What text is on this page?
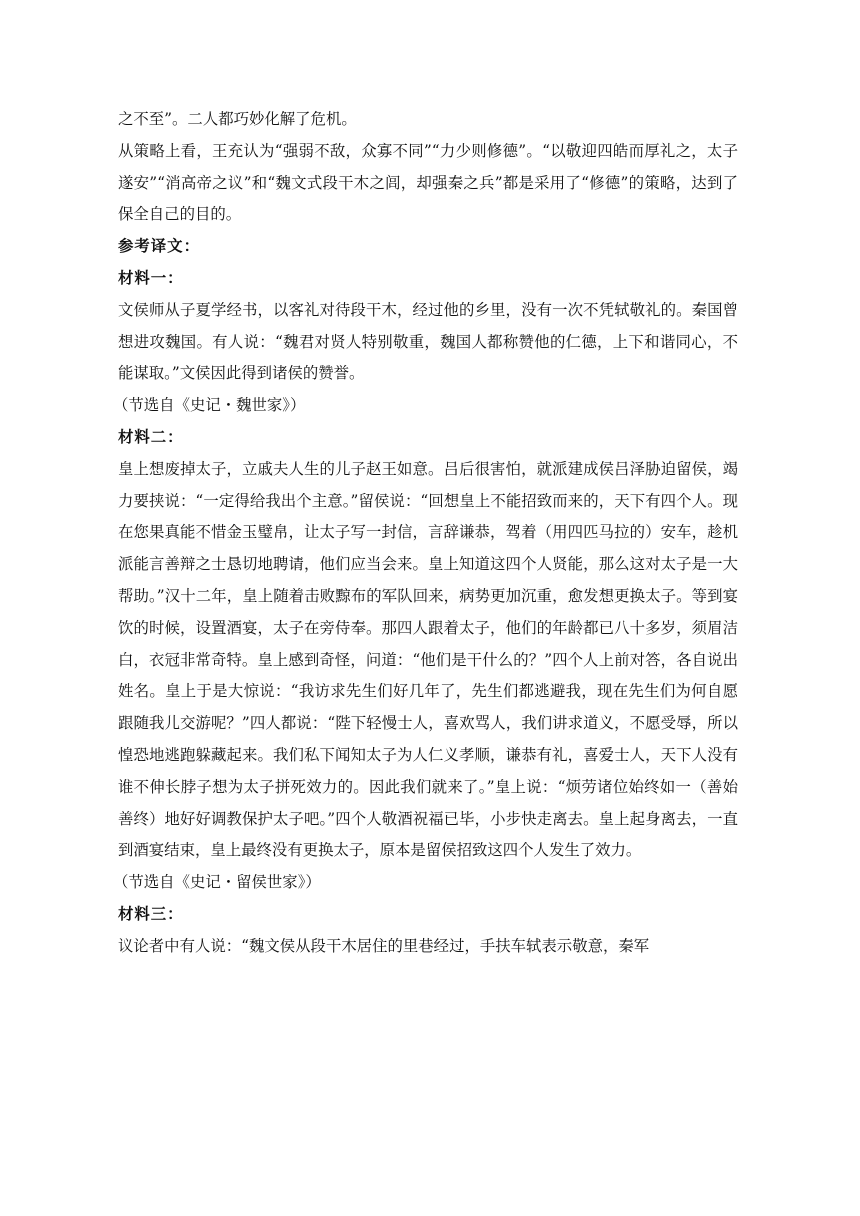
之不至”。二人都巧妙化解了危机。

从策略上看，王充认为“强弱不敌，众寡不同”“力少则修德”。“以敬迎四皓而厚礼之，太子遂安”“消高帝之议”和“魏文式段干木之闾，却强秦之兵”都是采用了“修德”的策略，达到了保全自己的目的。

参考译文：

材料一：

文侯师从子夏学经书，以客礼对待段干木，经过他的乡里，没有一次不凭轼敬礼的。秦国曾想进攻魏国。有人说：“魏君对贤人特别敬重，魏国人都称赞他的仁德，上下和谐同心，不能谋取。”文侯因此得到诸侯的赞誉。

（节选自《史记・魏世家》）

材料二：

皇上想废掉太子，立戚夫人生的儿子赵王如意。吕后很害怕，就派建成侯吕泽胁迫留侯，竭力要挟说：“一定得给我出个主意。”留侯说：“回想皇上不能招致而来的，天下有四个人。现在您果真能不惜金玉璧帛，让太子写一封信，言辞谦恭，驾着（用四匹马拉的）安车，趁机派能言善辩之士恳切地聘请，他们应当会来。皇上知道这四个人贤能，那么这对太子是一大帮助。”汉十二年，皇上随着击败黥布的军队回来，病势更加沉重，愈发想更换太子。等到宴饮的时候，设置酒宴，太子在旁侍奉。那四人跟着太子，他们的年龄都已八十多岁，须眉洁白，衣冠非常奇特。皇上感到奇怪，问道：“他们是干什么的？”四个人上前对答，各自说出姓名。皇上于是大惊说：“我访求先生们好几年了，先生们都逃避我，现在先生们为何自愿跟随我儿交游呢？”四人都说：“陛下轻慢士人，喜欢骂人，我们讲求道义，不愿受辱，所以惶恐地逃跑躲藏起来。我们私下闻知太子为人仁义孝顺，谦恭有礼，喜爱士人，天下人没有谁不伸长脖子想为太子拼死效力的。因此我们就来了。”皇上说：“烦劳诸位始终如一（善始善终）地好好调教保护太子吧。”四个人敬酒祝福已毕，小步快走离去。皇上起身离去，一直到酒宴结束，皇上最终没有更换太子，原本是留侯招致这四个人发生了效力。

（节选自《史记・留侯世家》）

材料三：

议论者中有人说：“魏文侯从段干木居住的里巷经过，手扶车轼表示敬意，秦军
